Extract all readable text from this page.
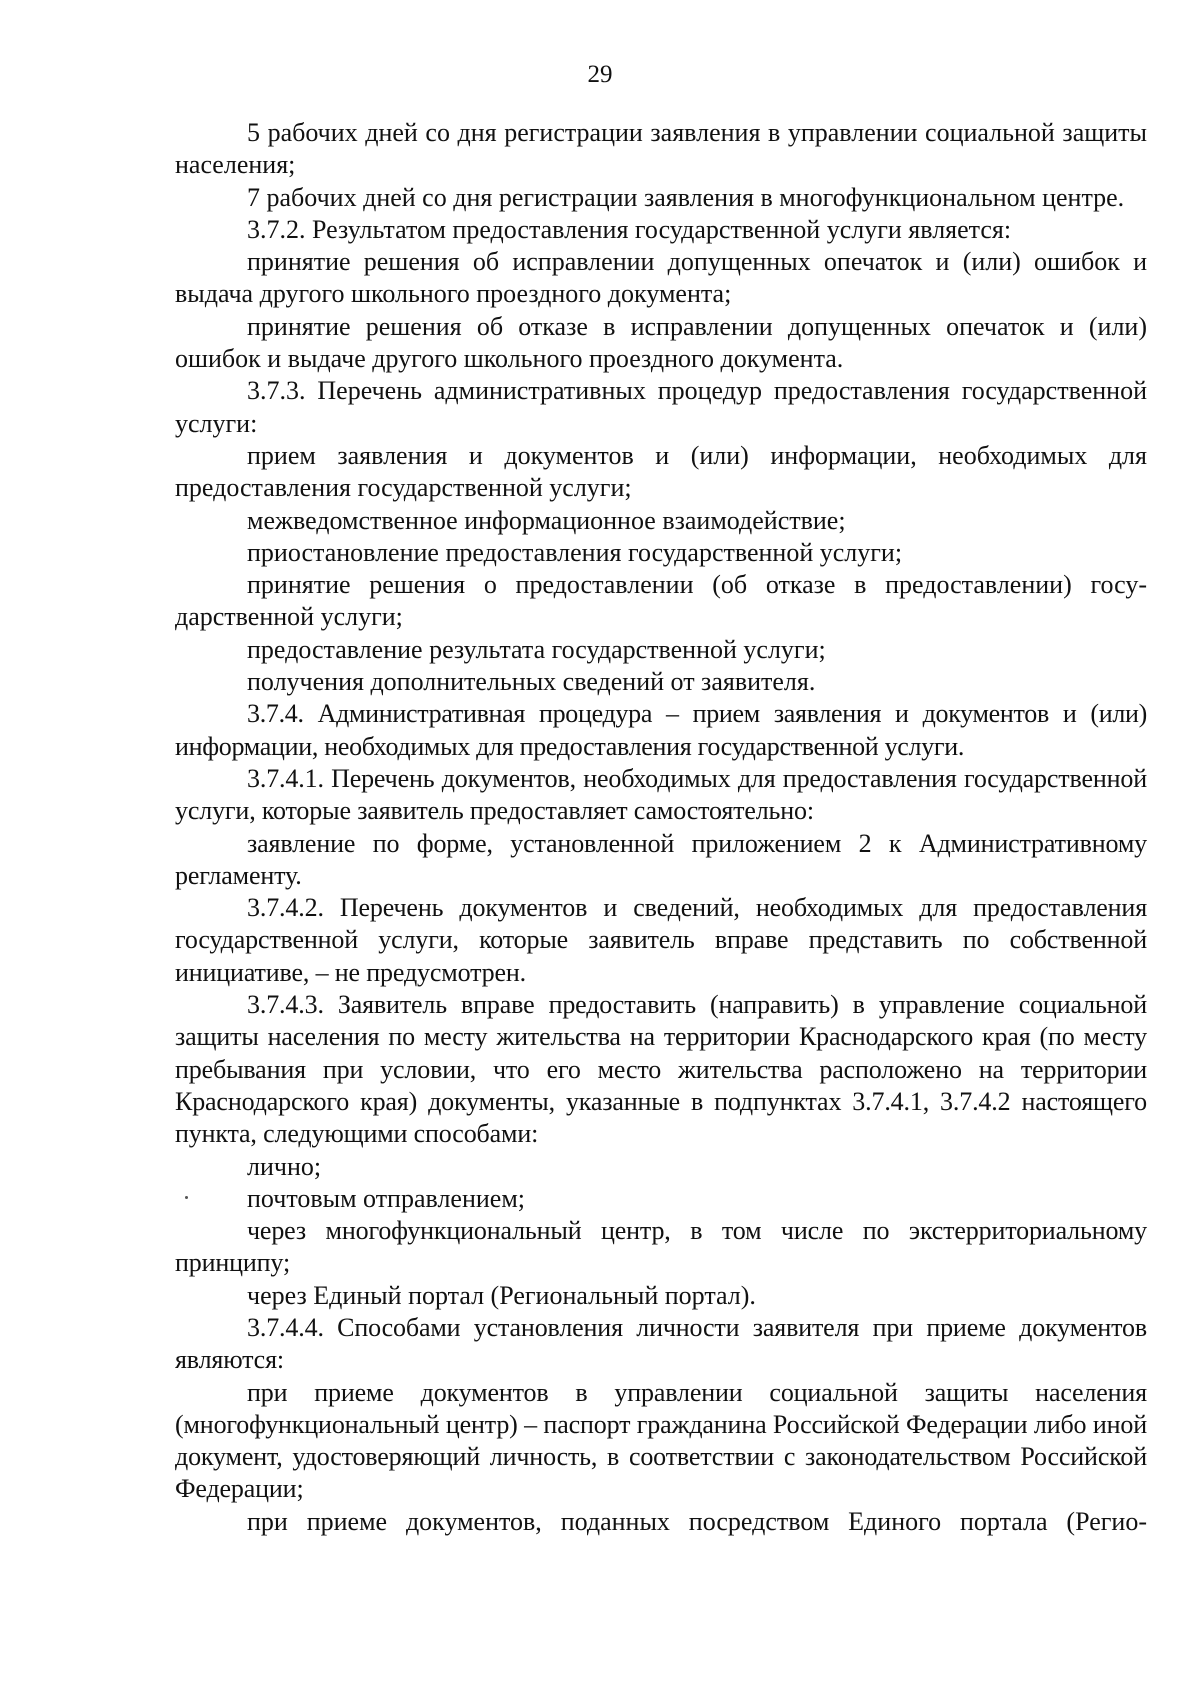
29

5 рабочих дней со дня регистрации заявления в управлении социальной защиты населения;

7 рабочих дней со дня регистрации заявления в многофункциональном центре.

3.7.2. Результатом предоставления государственной услуги является:

принятие решения об исправлении допущенных опечаток и (или) ошибок и выдача другого школьного проездного документа;

принятие решения об отказе в исправлении допущенных опечаток и (или) ошибок и выдаче другого школьного проездного документа.

3.7.3. Перечень административных процедур предоставления государственной услуги:

прием заявления и документов и (или) информации, необходимых для предоставления государственной услуги;

межведомственное информационное взаимодействие;

приостановление предоставления государственной услуги;

принятие решения о предоставлении (об отказе в предоставлении) государственной услуги;

предоставление результата государственной услуги;

получения дополнительных сведений от заявителя.

3.7.4. Административная процедура – прием заявления и документов и (или) информации, необходимых для предоставления государственной услуги.

3.7.4.1. Перечень документов, необходимых для предоставления государственной услуги, которые заявитель предоставляет самостоятельно:

заявление по форме, установленной приложением 2 к Административному регламенту.

3.7.4.2. Перечень документов и сведений, необходимых для предоставления государственной услуги, которые заявитель вправе представить по собственной инициативе, – не предусмотрен.

3.7.4.3. Заявитель вправе предоставить (направить) в управление социальной защиты населения по месту жительства на территории Краснодарского края (по месту пребывания при условии, что его место жительства расположено на территории Краснодарского края) документы, указанные в подпунктах 3.7.4.1, 3.7.4.2 настоящего пункта, следующими способами:

лично;

почтовым отправлением;

через многофункциональный центр, в том числе по экстерриториальному принципу;

через Единый портал (Региональный портал).

3.7.4.4. Способами установления личности заявителя при приеме документов являются:

при приеме документов в управлении социальной защиты населения (многофункциональный центр) – паспорт гражданина Российской Федерации либо иной документ, удостоверяющий личность, в соответствии с законодательством Российской Федерации;

при приеме документов, поданных посредством Единого портала (Регио-
